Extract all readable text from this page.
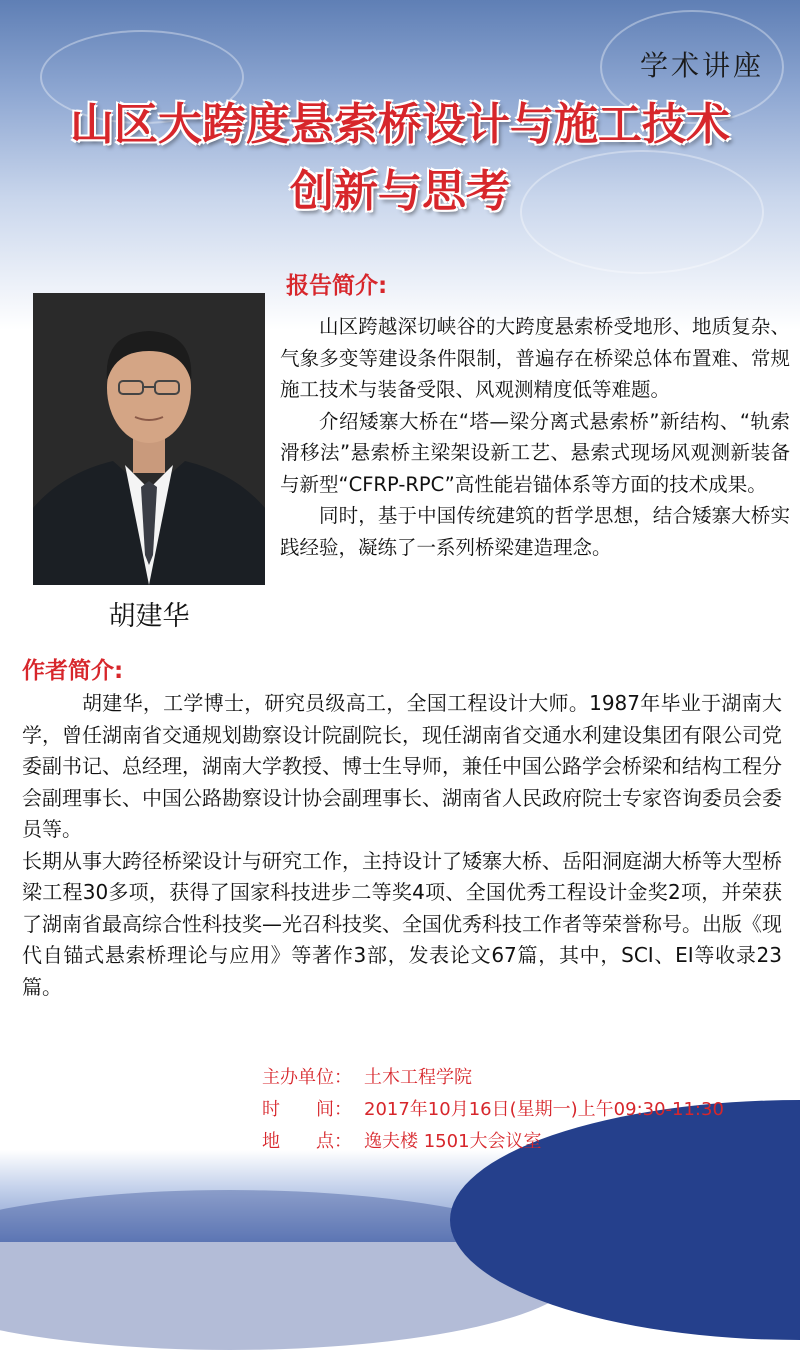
学术讲座
山区大跨度悬索桥设计与施工技术
创新与思考
胡建华
报告简介:

山区跨越深切峡谷的大跨度悬索桥受地形、地质复杂、气象多变等建设条件限制，普遍存在桥梁总体布置难、常规施工技术与装备受限、风观测精度低等难题。

介绍矮寨大桥在“塔—梁分离式悬索桥”新结构、“轨索滑移法”悬索桥主梁架设新工艺、悬索式现场风观测新装备与新型“CFRP-RPC”高性能岩锚体系等方面的技术成果。

同时，基于中国传统建筑的哲学思想，结合矮寨大桥实践经验，凝练了一系列桥梁建造理念。

作者简介:

胡建华，工学博士，研究员级高工，全国工程设计大师。1987年毕业于湖南大学，曾任湖南省交通规划勘察设计院副院长，现任湖南省交通水利建设集团有限公司党委副书记、总经理，湖南大学教授、博士生导师，兼任中国公路学会桥梁和结构工程分会副理事长、中国公路勘察设计协会副理事长、湖南省人民政府院士专家咨询委员会委员等。

长期从事大跨径桥梁设计与研究工作，主持设计了矮寨大桥、岳阳洞庭湖大桥等大型桥梁工程30多项，获得了国家科技进步二等奖4项、全国优秀工程设计金奖2项，并荣获了湖南省最高综合性科技奖—光召科技奖、全国优秀科技工作者等荣誉称号。出版《现代自锚式悬索桥理论与应用》等著作3部，发表论文67篇，其中，SCI、EI等收录23篇。

主办单位： 土木工程学院
时　　间： 2017年10月16日(星期一)上午09:30-11:30
地　　点： 逸夫楼 1501大会议室
